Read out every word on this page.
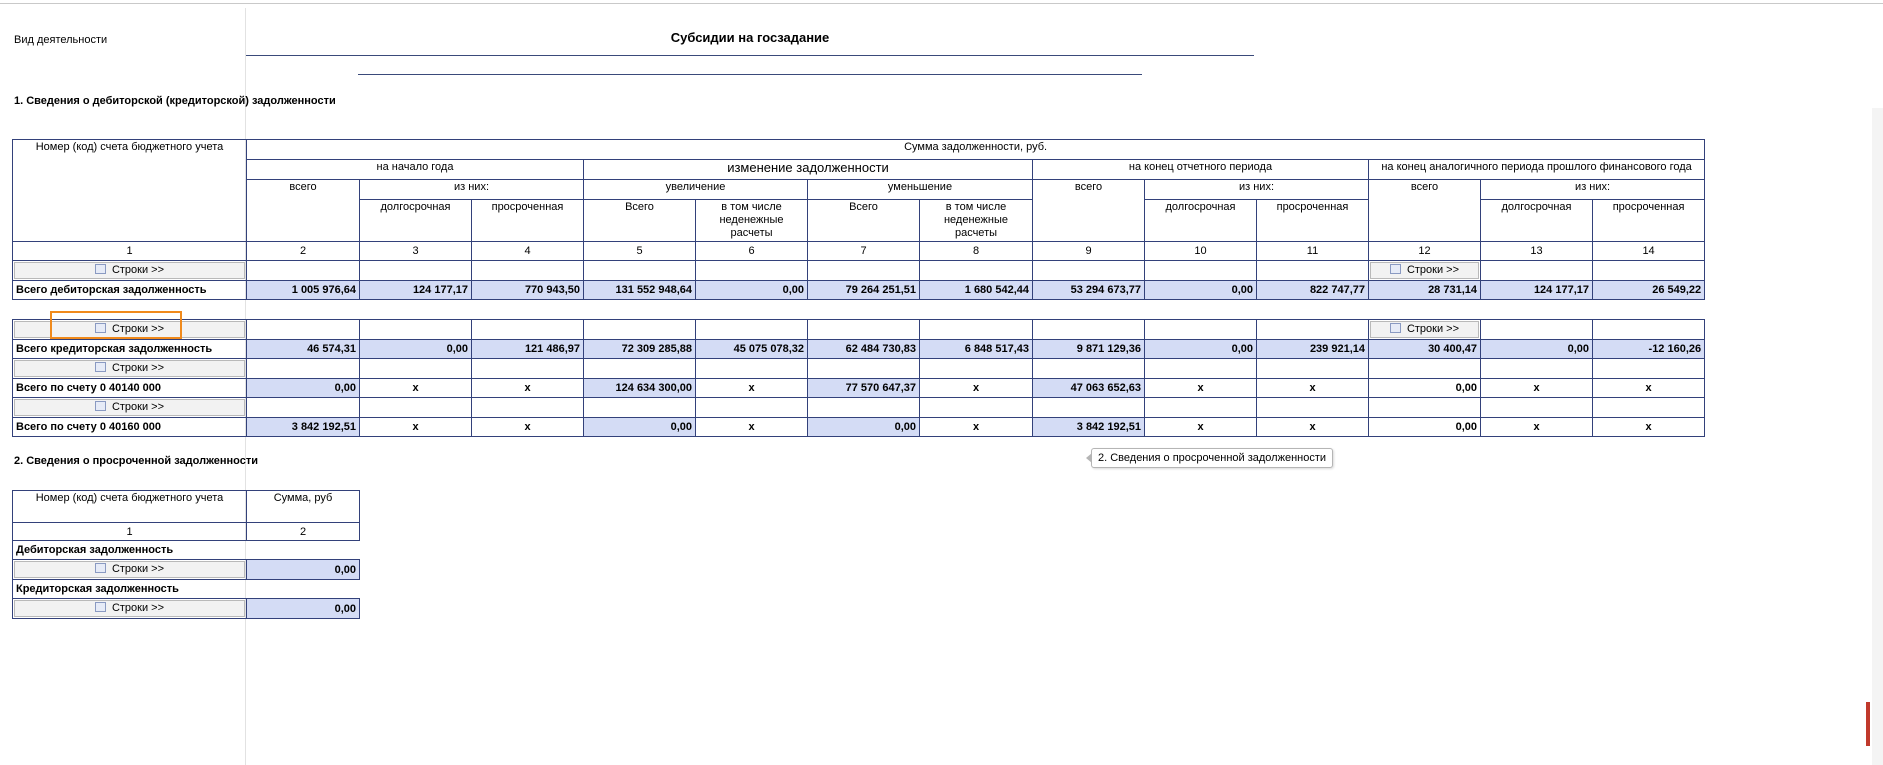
Вид деятельности	Субсидии на госзадание
1. Сведения о дебиторской (кредиторской) задолженности
Номер (код) счета бюджетного учета	Сумма задолженности, руб.												
	на начало года			изменение задолженности				на конец отчетного периода			на конец аналогичного периода прошлого финансового года		
	всего	из них:		увеличение		уменьшение		всего	из них:		всего	из них:	
		долгосрочная	просроченная	Всего	в том числе неденежные расчеты	Всего	в том числе неденежные расчеты		долгосрочная	просроченная		долгосрочная	просроченная
1	2	3	4	5	6	7	8	9	10	11	12	13	14

Строки >>											Строки >>		

Всего дебиторская задолженность	1 005 976,64	124 177,17	770 943,50	131 552 948,64	0,00	79 264 251,51	1 680 542,44	53 294 673,77	0,00	822 747,77	28 731,14	124 177,17	26 549,22

Строки >>											Строки >>		

Всего кредиторская задолженность	46 574,31	0,00	121 486,97	72 309 285,88	45 075 078,32	62 484 730,83	6 848 517,43	9 871 129,36	0,00	239 921,14	30 400,47	0,00	-12 160,26

Строки >>													

Всего по счету 0 40140 000	0,00	x	x	124 634 300,00	x	77 570 647,37	x	47 063 652,63	x	x	0,00	x	x

Строки >>													

Всего по счету 0 40160 000	3 842 192,51	x	x	0,00	x	0,00	x	3 842 192,51	x	x	0,00	x	x
2. Сведения о просроченной задолженности
2. Сведения о просроченной задолженности
Номер (код) счета бюджетного учета	Сумма, руб
1	2
Дебиторская задолженность	

Строки >>	0,00
Кредиторская задолженность	

Строки >>	0,00
